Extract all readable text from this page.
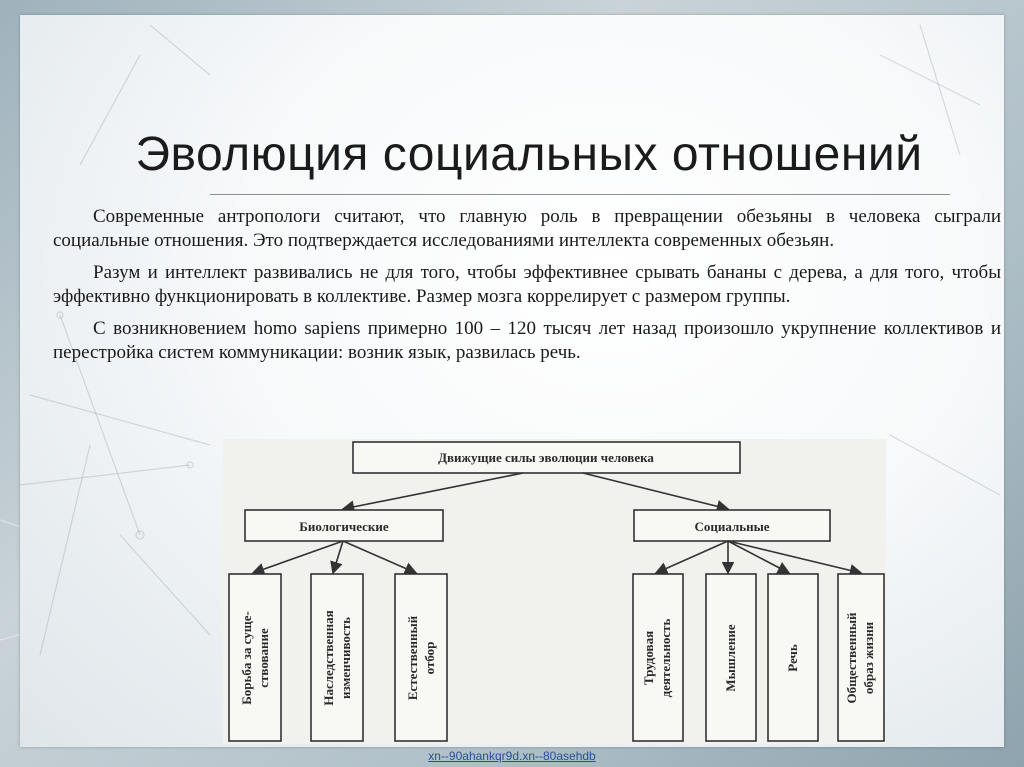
Эволюция социальных отношений

Современные антропологи считают, что главную роль в превращении обезьяны в человека сыграли социальные отношения. Это подтверждается исследованиями интеллекта современных обезьян.

Разум и интеллект развивались не для того, чтобы эффективнее срывать бананы с дерева, а для того, чтобы эффективно функционировать в коллективе. Размер мозга коррелирует с размером группы.

С возникновением homo sapiens примерно 100 – 120 тысяч лет назад произошло укрупнение коллективов и перестройка систем коммуникации: возник язык, развилась речь.

Движущие силы эволюции человека
Биологические	Социальные
Борьба за суще- ствование	Наследственная изменчивость	Естественный отбор	Трудовая деятельность	Мышление	Речь	Общественный образ жизни
xn--90ahankqr9d.xn--80asehdb
